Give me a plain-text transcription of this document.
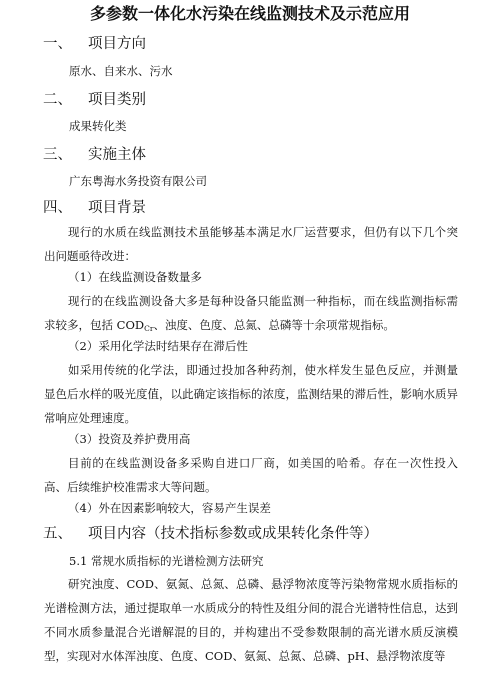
多参数一体化水污染在线监测技术及示范应用
一、 项目方向
原水、自来水、污水
二、 项目类别
成果转化类
三、 实施主体
广东粤海水务投资有限公司
四、 项目背景
现行的水质在线监测技术虽能够基本满足水厂运营要求，但仍有以下几个突出问题亟待改进：
（1）在线监测设备数量多
现行的在线监测设备大多是每种设备只能监测一种指标，而在线监测指标需求较多，包括 $COD_{Cr}$、浊度、色度、总氮、总磷等十余项常规指标。
（2）采用化学法时结果存在滞后性
如采用传统的化学法，即通过投加各种药剂，使水样发生显色反应，并测量显色后水样的吸光度值，以此确定该指标的浓度，监测结果的滞后性，影响水质异常响应处理速度。
（3）投资及养护费用高
目前的在线监测设备多采购自进口厂商，如美国的哈希。存在一次性投入高、后续维护校准需求大等问题。
（4）外在因素影响较大，容易产生误差
五、 项目内容（技术指标参数或成果转化条件等）
5.1 常规水质指标的光谱检测方法研究
研究浊度、COD、氨氮、总氮、总磷、悬浮物浓度等污染物常规水质指标的光谱检测方法，通过提取单一水质成分的特性及组分间的混合光谱特性信息，达到不同水质参量混合光谱解混的目的，并构建出不受参数限制的高光谱水质反演模型，实现对水体浑浊度、色度、COD、氨氮、总氮、总磷、pH、悬浮物浓度等
